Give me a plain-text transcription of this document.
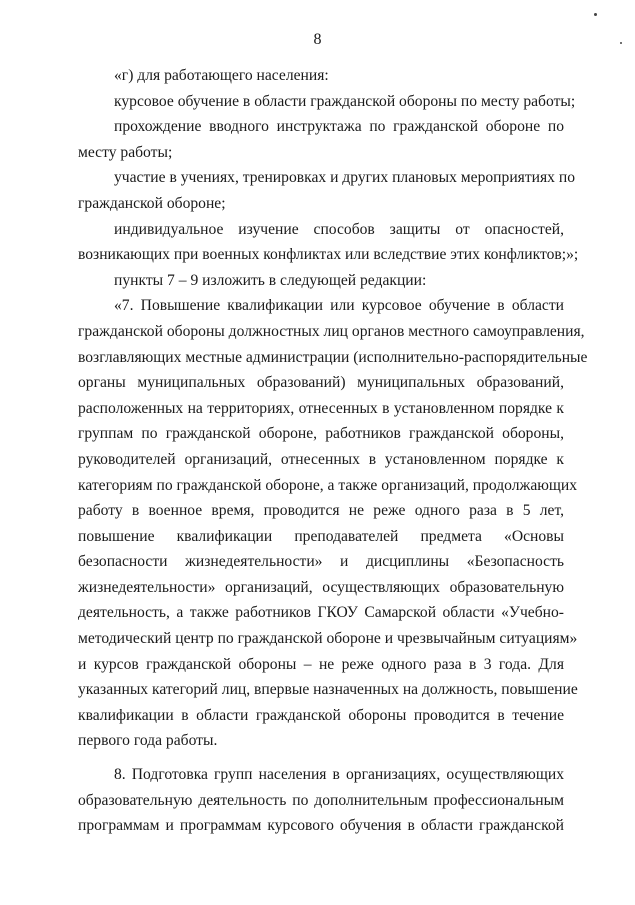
8
«г) для работающего населения:
курсовое обучение в области гражданской обороны по месту работы;
прохождение вводного инструктажа по гражданской обороне по
месту работы;
участие в учениях, тренировках и других плановых мероприятиях по
гражданской обороне;
индивидуальное изучение способов защиты от опасностей,
возникающих при военных конфликтах или вследствие этих конфликтов;»;
пункты 7 – 9 изложить в следующей редакции:
«7. Повышение квалификации или курсовое обучение в области
гражданской обороны должностных лиц органов местного самоуправления,
возглавляющих местные администрации (исполнительно-распорядительные
органы муниципальных образований) муниципальных образований,
расположенных на территориях, отнесенных в установленном порядке к
группам по гражданской обороне, работников гражданской обороны,
руководителей организаций, отнесенных в установленном порядке к
категориям по гражданской обороне, а также организаций, продолжающих
работу в военное время, проводится не реже одного раза в 5 лет,
повышение квалификации преподавателей предмета «Основы
безопасности жизнедеятельности» и дисциплины «Безопасность
жизнедеятельности» организаций, осуществляющих образовательную
деятельность, а также работников ГКОУ Самарской области «Учебно-
методический центр по гражданской обороне и чрезвычайным ситуациям»
и курсов гражданской обороны – не реже одного раза в 3 года. Для
указанных категорий лиц, впервые назначенных на должность, повышение
квалификации в области гражданской обороны проводится в течение
первого года работы.
8. Подготовка групп населения в организациях, осуществляющих
образовательную деятельность по дополнительным профессиональным
программам и программам курсового обучения в области гражданской
